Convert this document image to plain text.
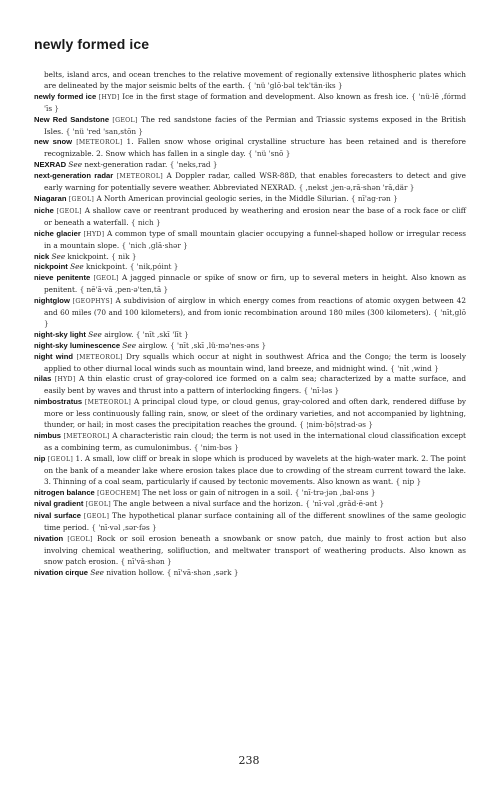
newly formed ice

belts, island arcs, and ocean trenches to the relative movement of regionally extensive lithospheric plates which are delineated by the major seismic belts of the earth. { 'nü 'glō·bəl tek'tän·iks }

newly formed ice [HYD] Ice in the first stage of formation and development. Also known as fresh ice. { 'nü·lē ,fórmd 'īs }

New Red Sandstone [GEOL] The red sandstone facies of the Permian and Triassic systems exposed in the British Isles. { 'nü 'red 'san,stōn }

new snow [METEOROL] 1. Fallen snow whose original crystalline structure has been retained and is therefore recognizable. 2. Snow which has fallen in a single day. { 'nü 'snō }

NEXRAD See next-generation radar. { 'neks,rad }

next-generation radar [METEOROL] A Doppler radar, called WSR-88D, that enables forecasters to detect and give early warning for potentially severe weather. Abbreviated NEXRAD. { ,nekst ,jen·ə,rā·shən 'rā,där }

Niagaran [GEOL] A North American provincial geologic series, in the Middle Silurian. { nī'ag·rən }

niche [GEOL] A shallow cave or reentrant produced by weathering and erosion near the base of a rock face or cliff or beneath a waterfall. { nich }

niche glacier [HYD] A common type of small mountain glacier occupying a funnel-shaped hollow or irregular recess in a mountain slope. { 'nich ,glā·shər }

nick See knickpoint. { nik }

nickpoint See knickpoint. { 'nik,póint }

nieve penitente [GEOL] A jagged pinnacle or spike of snow or firn, up to several meters in height. Also known as penitent. { nē'ā·vā ,pen·ə'ten,tā }

nightglow [GEOPHYS] A subdivision of airglow in which energy comes from reactions of atomic oxygen between 42 and 60 miles (70 and 100 kilometers), and from ionic recombination around 180 miles (300 kilometers). { 'nīt,glō }

night-sky light See airglow. { 'nīt ,skī 'līt }

night-sky luminescence See airglow. { 'nīt ,skī ,lü·mə'nes·əns }

night wind [METEOROL] Dry squalls which occur at night in southwest Africa and the Congo; the term is loosely applied to other diurnal local winds such as mountain wind, land breeze, and midnight wind. { 'nīt ,wind }

nilas [HYD] A thin elastic crust of gray-colored ice formed on a calm sea; characterized by a matte surface, and easily bent by waves and thrust into a pattern of interlocking fingers. { 'nī·ləs }

nimbostratus [METEOROL] A principal cloud type, or cloud genus, gray-colored and often dark, rendered diffuse by more or less continuously falling rain, snow, or sleet of the ordinary varieties, and not accompanied by lightning, thunder, or hail; in most cases the precipitation reaches the ground. { ¦nim·bō¦strad·əs }

nimbus [METEOROL] A characteristic rain cloud; the term is not used in the international cloud classification except as a combining term, as cumulonimbus. { 'nim·bəs }

nip [GEOL] 1. A small, low cliff or break in slope which is produced by wavelets at the high-water mark. 2. The point on the bank of a meander lake where erosion takes place due to crowding of the stream current toward the lake. 3. Thinning of a coal seam, particularly if caused by tectonic movements. Also known as want. { nip }

nitrogen balance [GEOCHEM] The net loss or gain of nitrogen in a soil. { 'nī·trə·jən ,bal·əns }

nival gradient [GEOL] The angle between a nival surface and the horizon. { 'nī·vəl ,grād·ē·ənt }

nival surface [GEOL] The hypothetical planar surface containing all of the different snowlines of the same geologic time period. { 'nī·vəl ,sər·fəs }

nivation [GEOL] Rock or soil erosion beneath a snowbank or snow patch, due mainly to frost action but also involving chemical weathering, solifluction, and meltwater transport of weathering products. Also known as snow patch erosion. { nī'vā·shən }

nivation cirque See nivation hollow. { nī'vā·shən ,sərk }

238
